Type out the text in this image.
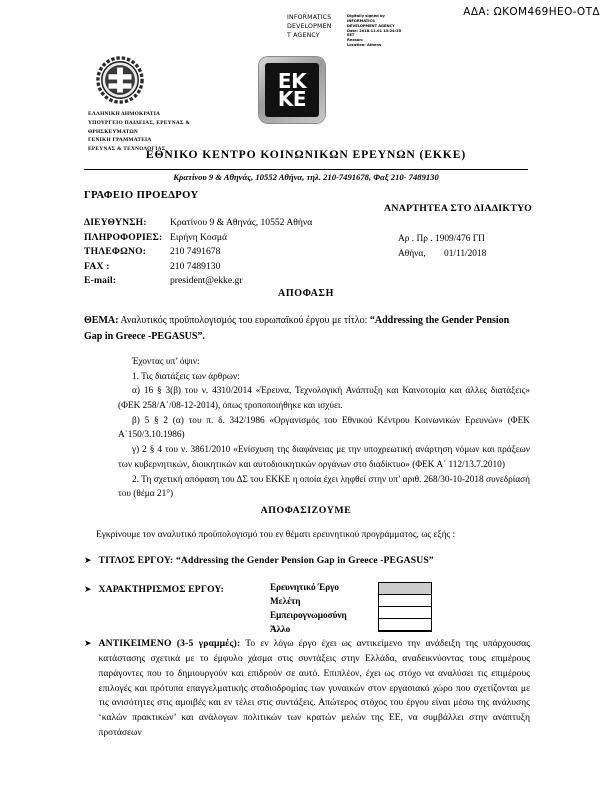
ΑΔΑ: ΩΚΟΜ469ΗΕΟ-ΟΤΔ
INFORMATICS
DEVELOPMEN
T AGENCY
Digitally signed by
INFORMATICS
DEVELOPMENT AGENCY
Date: 2018.11.01 13:24:35
EET
Reason:
Location: Athens
EK
KE
ΕΛΛΗΝΙΚΗ ΔΗΜΟΚΡΑΤΙΑ
ΥΠΟΥΡΓΕΙΟ ΠΑΙΔΕΙΑΣ, ΕΡΕΥΝΑΣ &
ΘΡΗΣΚΕΥΜΑΤΩΝ
ΓΕΝΙΚΗ ΓΡΑΜΜΑΤΕΙΑ
ΕΡΕΥΝΑΣ & ΤΕΧΝΟΛΟΓΙΑΣ
ΕΘΝΙΚΟ ΚΕΝΤΡΟ ΚΟΙΝΩΝΙΚΩΝ ΕΡΕΥΝΩΝ (ΕΚΚΕ)
Κρατίνου 9 & Αθηνάς, 10552 Αθήνα, τηλ. 210-7491678, Φαξ 210- 7489130
ΓΡΑΦΕΙΟ ΠΡΟΕΔΡΟΥ
ΑΝΑΡΤΗΤΕΑ ΣΤΟ ΔΙΑΔΙΚΤΥΟ
ΔΙΕΥΘΥΝΣΗ:	Κρατίνου 9 & Αθηνάς, 10552 Αθήνα
ΠΛΗΡΟΦΟΡΙΕΣ: Ειρήνη Κοσμά
ΤΗΛΕΦΩΝΟ:	210 7491678
FAX :	210 7489130
E-mail:	president@ekke.gr
Αρ . Πρ . 1909/476 ΓΠ
Αθήνα,	01/11/2018
ΑΠΟΦΑΣΗ
ΘΕΜΑ: Αναλυτικός προϋπολογισμός του ευρωπαϊκού έργου με τίτλο: “Addressing the Gender Pension Gap in Greece -PEGASUS”.
Έχοντας υπ’ όψιν:
1. Τις διατάξεις των άρθρων:
α) 16 § 3(β) του ν. 4310/2014 «Έρευνα, Τεχνολογική Ανάπτυξη και Καινοτομία και άλλες διατάξεις» (ΦΕΚ 258/Α΄/08-12-2014), όπως τροποποιήθηκε και ισχύει.
β) 5 § 2 (α) του π. δ. 342/1986 «Οργανισμός του Εθνικού Κέντρου Κοινωνικών Ερευνών» (ΦΕΚ Α΄150/3.10.1986)
γ) 2 § 4 του ν. 3861/2010 «Ενίσχυση της διαφάνειας με την υποχρεωτική ανάρτηση νόμων και πράξεων των κυβερνητικών, διοικητικών και αυτοδιοικητικών οργάνων στο διαδίκτυο» (ΦΕΚ Α΄ 112/13.7.2010)
2. Τη σχετική απόφαση του ΔΣ του ΕΚΚΕ η οποία έχει ληφθεί στην υπ’ αριθ. 268/30-10-2018 συνεδρίασή του (θέμα 21°)
ΑΠΟΦΑΣΙΖΟΥΜΕ
Εγκρίνουμε τον αναλυτικό προϋπολογισμό του εν θέματι ερευνητικού προγράμματος, ως εξής :
➤ ΤΙΤΛΟΣ ΕΡΓΟΥ: “Addressing the Gender Pension Gap in Greece -PEGASUS”
➤ ΧΑΡΑΚΤΗΡΙΣΜΟΣ ΕΡΓΟΥ:	Ερευνητικό Έργο
Μελέτη
Εμπειρογνωμοσύνη
Άλλο

➤ ΑΝΤΙΚΕΙΜΕΝΟ (3-5 γραμμές): Το εν λόγω έργο έχει ως αντικείμενο την ανάδειξη της υπάρχουσας κατάστασης σχετικά με το έμφυλο χάσμα στις συντάξεις στην Ελλάδα, αναδεικνύοντας τους επιμέρους παράγοντες που το δημιουργούν και επιδρούν σε αυτό. Επιπλέον, έχει ως στόχο να αναλύσει τις επιμέρους επιλογές και πρότυπα επαγγελματικής σταδιοδρομίας των γυναικών στον εργασιακό χώρο που σχετίζονται με τις ανισότητες στις αμοιβές και εν τέλει στις συντάξεις. Απώτερος στόχος του έργου είναι μέσω της ανάλυσης ‘καλών πρακτικών’ και ανάλογων πολιτικών των κρατών μελών της ΕΕ, να συμβάλλει στην ανάπτυξη προτάσεων
